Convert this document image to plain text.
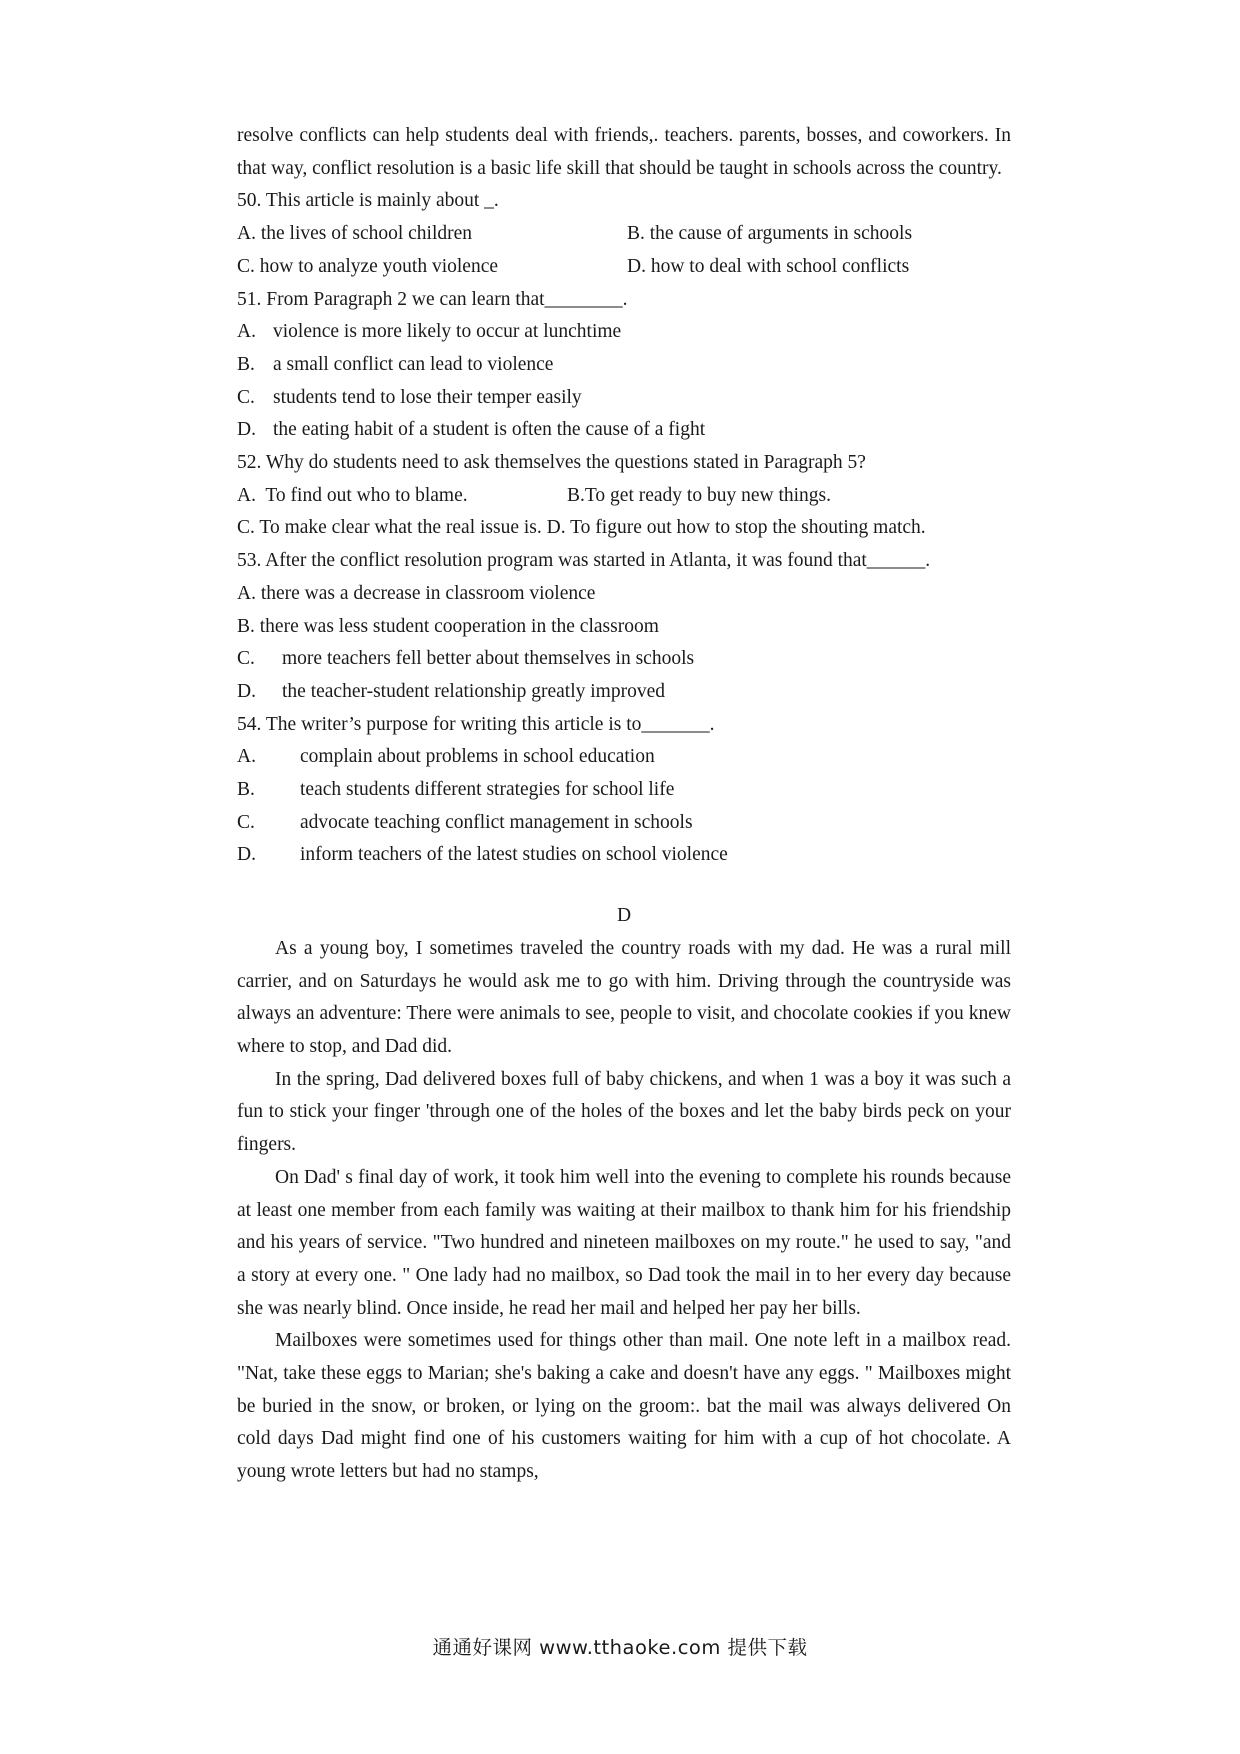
resolve conflicts can help students deal with friends,. teachers. parents, bosses, and coworkers. In that way, conflict resolution is a basic life skill that should be taught in schools across the country.

50. This article is mainly about _.

A. the lives of school children	B. the cause of arguments in schools
C. how to analyze youth violence	D. how to deal with school conflicts

51. From Paragraph 2 we can learn that________.

A. violence is more likely to occur at lunchtime
B. a small conflict can lead to violence
C. students tend to lose their temper easily
D. the eating habit of a student is often the cause of a fight

52. Why do students need to ask themselves the questions stated in Paragraph 5?

A.  To find out who to blame.	B.To get ready to buy new things.

C. To make clear what the real issue is. D. To figure out how to stop the shouting match.

53. After the conflict resolution program was started in Atlanta, it was found that______.

A. there was a decrease in classroom violence

B. there was less student cooperation in the classroom

C.	more teachers fell better about themselves in schools
D.	the teacher-student relationship greatly improved

54. The writer’s purpose for writing this article is to_______.

A.	complain about problems in school education
B.	teach students different strategies for school life
C.	advocate teaching conflict management in schools
D.	inform teachers of the latest studies on school violence

D

As a young boy, I sometimes traveled the country roads with my dad. He was a rural mill carrier, and on Saturdays he would ask me to go with him. Driving through the countryside was always an adventure: There were animals to see, people to visit, and chocolate cookies if you knew where to stop, and Dad did.

In the spring, Dad delivered boxes full of baby chickens, and when 1 was a boy it was such a fun to stick your finger 'through one of the holes of the boxes and let the baby birds peck on your fingers.

On Dad' s final day of work, it took him well into the evening to complete his rounds because at least one member from each family was waiting at their mailbox to thank him for his friendship and his years of service. "Two hundred and nineteen mailboxes on my route." he used to say, "and a story at every one. " One lady had no mailbox, so Dad took the mail in to her every day because she was nearly blind. Once inside, he read her mail and helped her pay her bills.

Mailboxes were sometimes used for things other than mail. One note left in a mailbox read. "Nat, take these eggs to Marian; she's baking a cake and doesn't have any eggs. " Mailboxes might be buried in the snow, or broken, or lying on the groom:. bat the mail was always delivered On cold days Dad might find one of his customers waiting for him with a cup of hot chocolate. A young wrote letters but had no stamps,

通通好课网 www.tthaoke.com 提供下载
